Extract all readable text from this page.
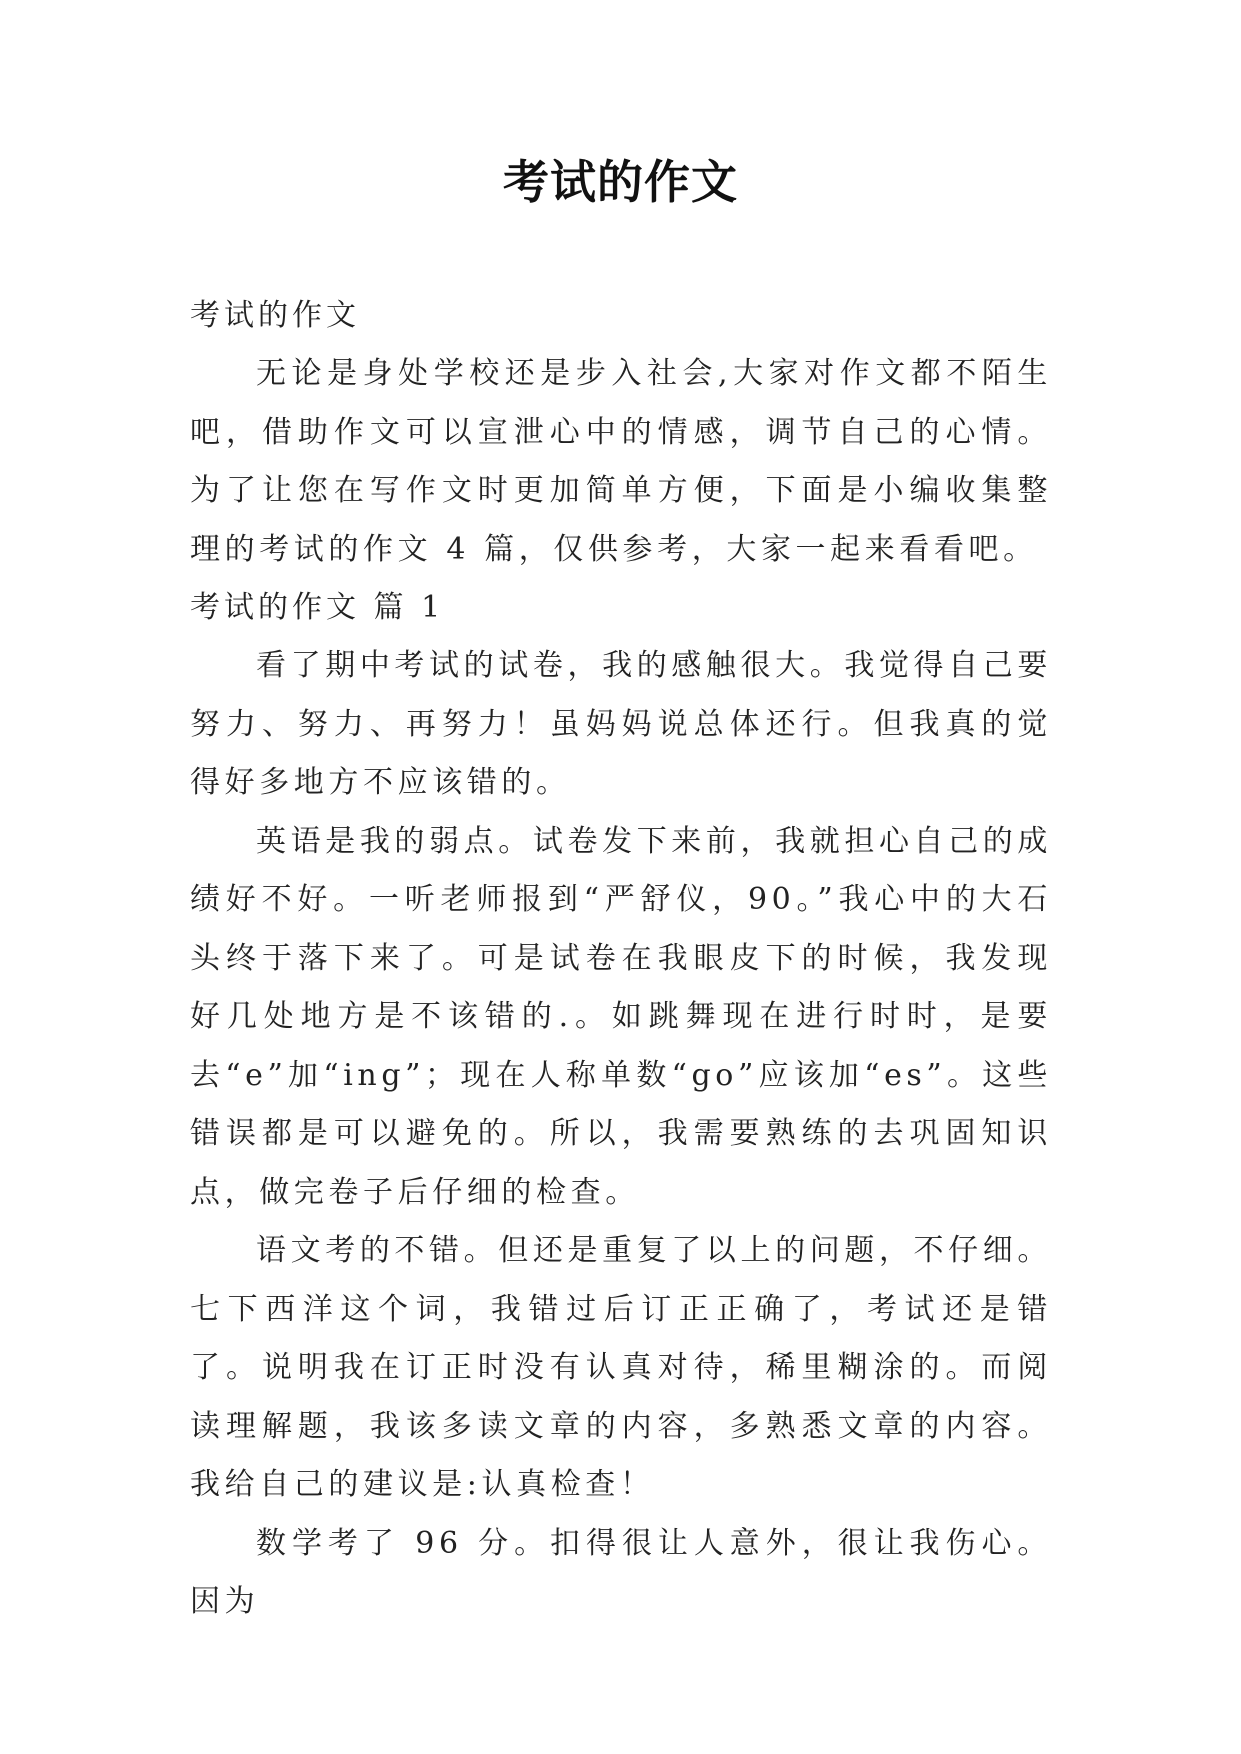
考试的作文

考试的作文

无论是身处学校还是步入社会,大家对作文都不陌生吧，借助作文可以宣泄心中的情感，调节自己的心情。为了让您在写作文时更加简单方便，下面是小编收集整理的考试的作文 4 篇，仅供参考，大家一起来看看吧。

考试的作文 篇 1

看了期中考试的试卷，我的感触很大。我觉得自己要努力、努力、再努力！虽妈妈说总体还行。但我真的觉得好多地方不应该错的。

英语是我的弱点。试卷发下来前，我就担心自己的成绩好不好。一听老师报到“严舒仪，90。”我心中的大石头终于落下来了。可是试卷在我眼皮下的时候，我发现好几处地方是不该错的.。如跳舞现在进行时时，是要去“e”加“ing”；现在人称单数“go”应该加“es”。这些错误都是可以避免的。所以，我需要熟练的去巩固知识点，做完卷子后仔细的检查。

语文考的不错。但还是重复了以上的问题，不仔细。七下西洋这个词，我错过后订正正确了，考试还是错了。说明我在订正时没有认真对待，稀里糊涂的。而阅读理解题，我该多读文章的内容，多熟悉文章的内容。我给自己的建议是:认真检查！

数学考了 96 分。扣得很让人意外，很让我伤心。因为
